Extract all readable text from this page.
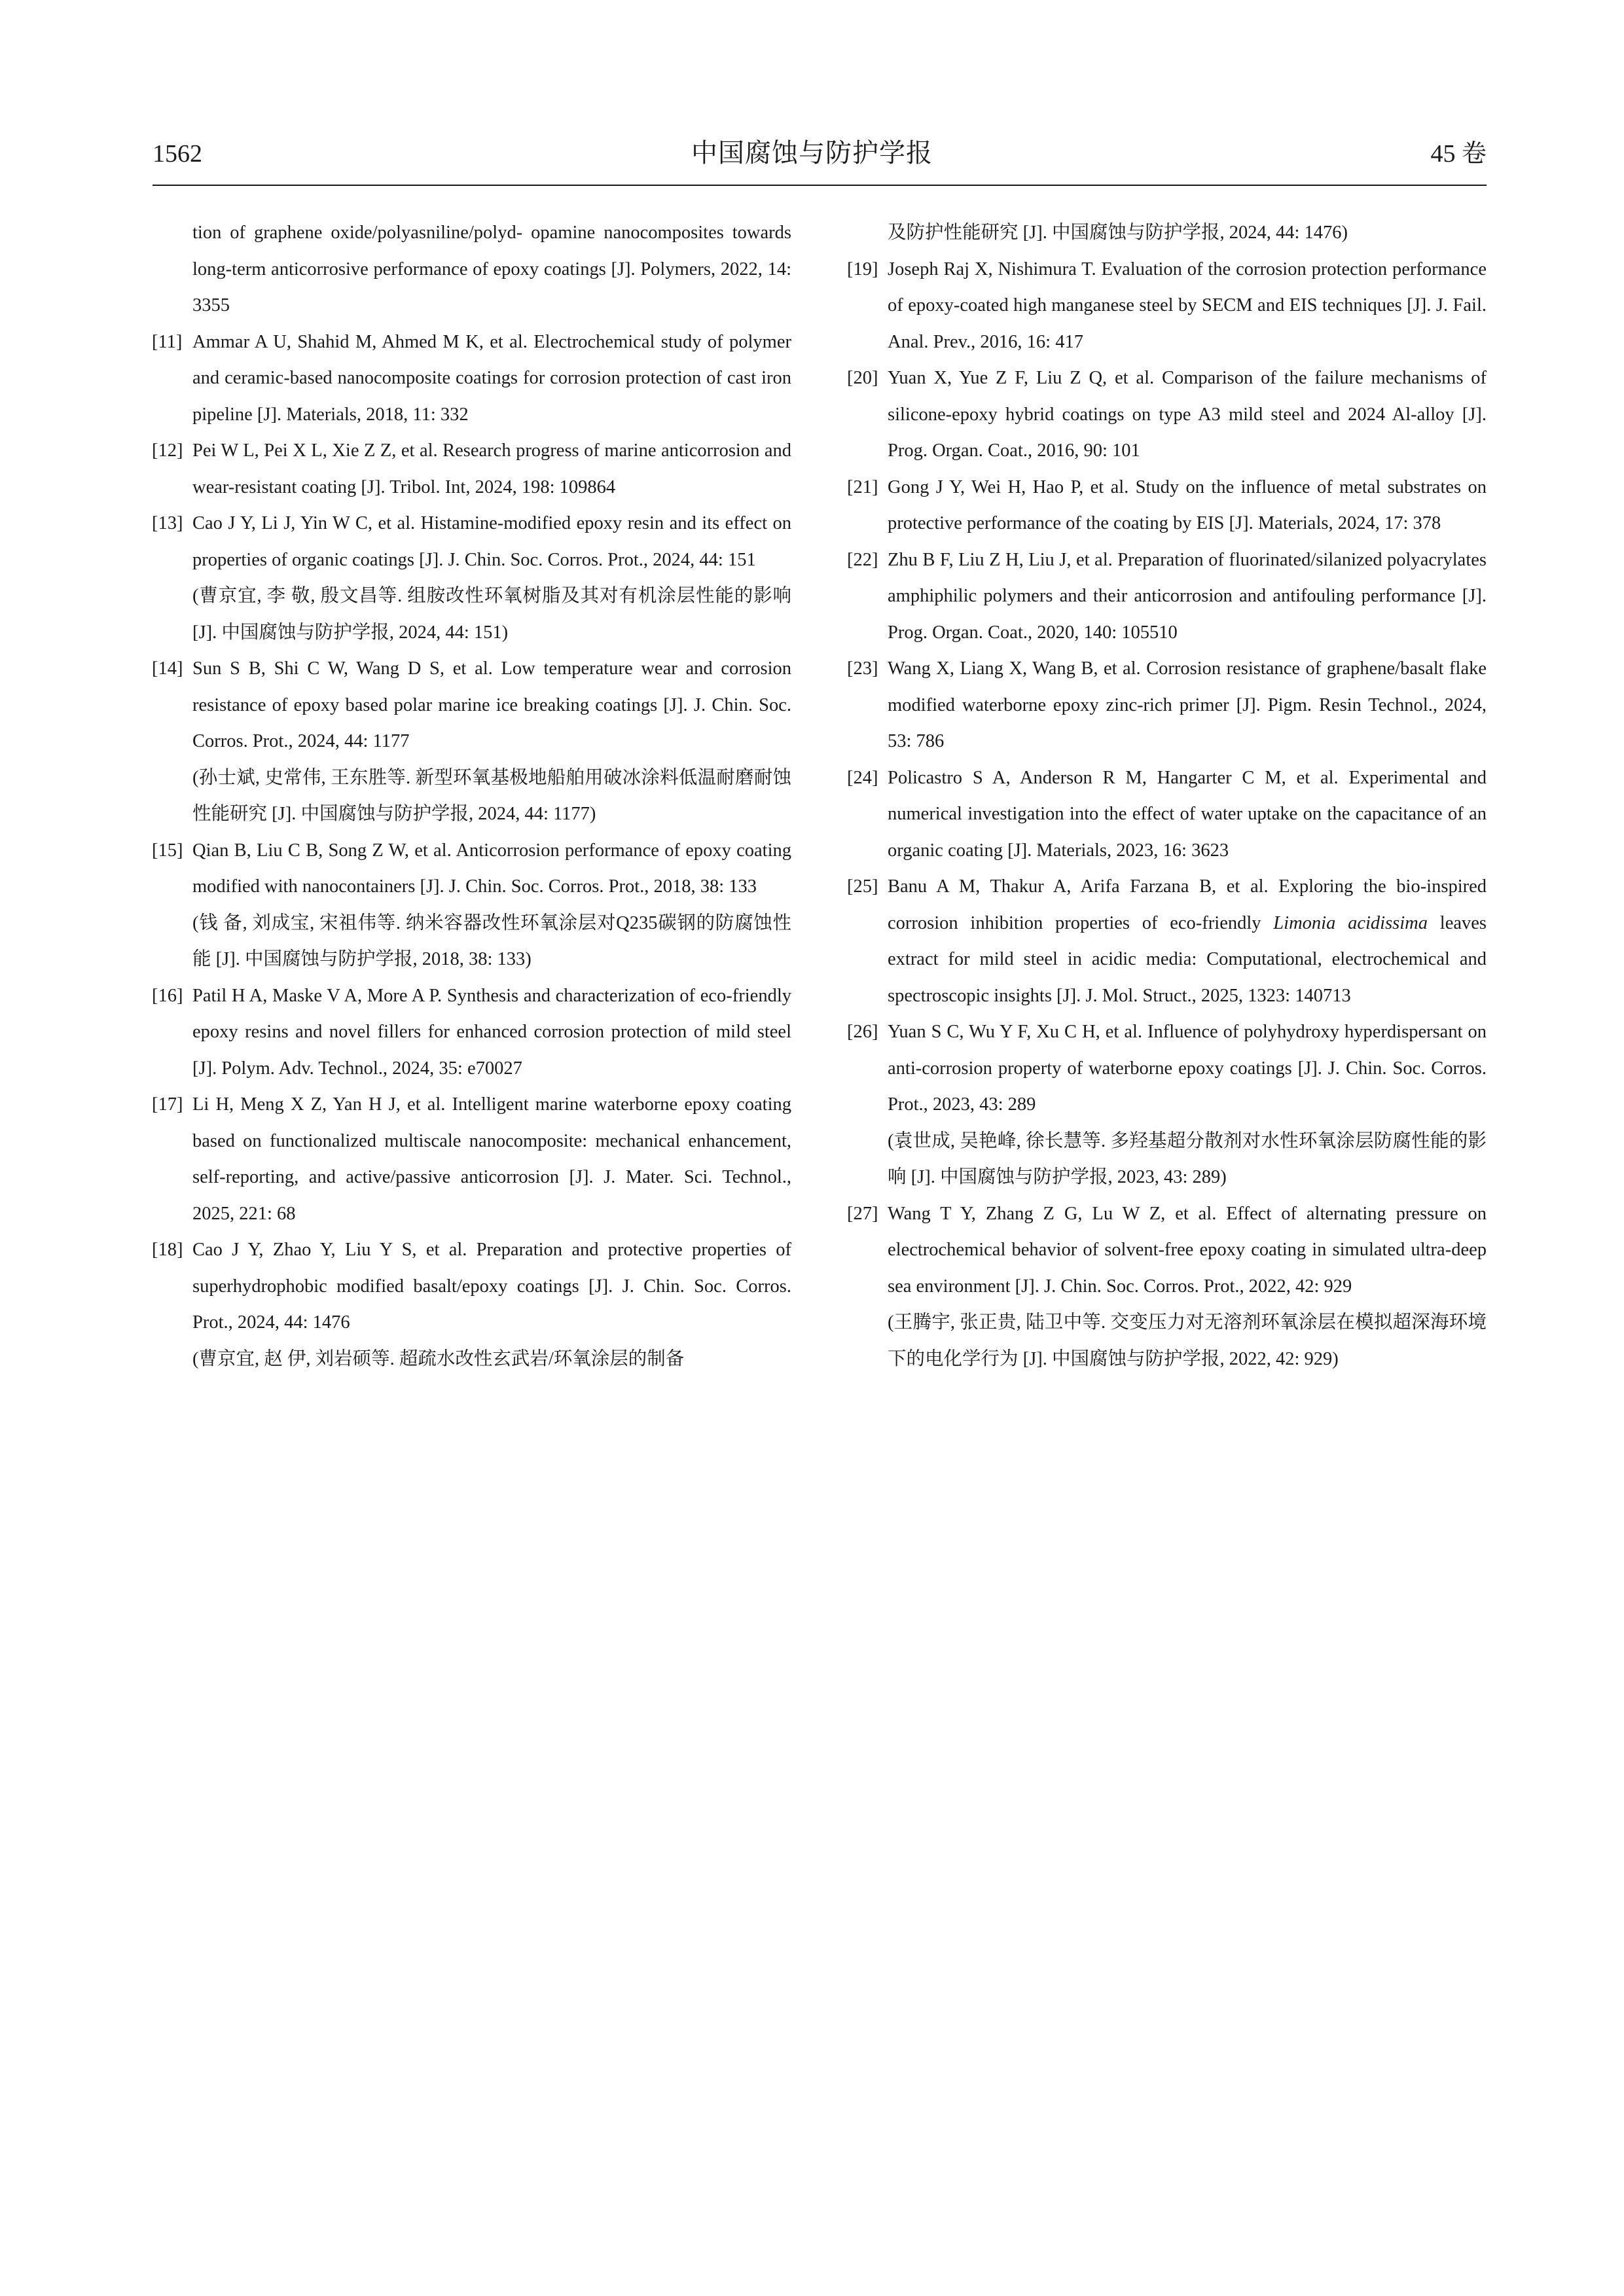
1562	中国腐蚀与防护学报	45 卷
tion of graphene oxide/polyasniline/polyd- opamine nanocomposites towards long-term anticorrosive performance of epoxy coatings [J]. Polymers, 2022, 14: 3355
[11] Ammar A U, Shahid M, Ahmed M K, et al. Electrochemical study of polymer and ceramic-based nanocomposite coatings for corrosion protection of cast iron pipeline [J]. Materials, 2018, 11: 332
[12] Pei W L, Pei X L, Xie Z Z, et al. Research progress of marine anticorrosion and wear-resistant coating [J]. Tribol. Int, 2024, 198: 109864
[13] Cao J Y, Li J, Yin W C, et al. Histamine-modified epoxy resin and its effect on properties of organic coatings [J]. J. Chin. Soc. Corros. Prot., 2024, 44: 151
(曹京宜, 李 敬, 殷文昌等. 组胺改性环氧树脂及其对有机涂层性能的影响 [J]. 中国腐蚀与防护学报, 2024, 44: 151)
[14] Sun S B, Shi C W, Wang D S, et al. Low temperature wear and corrosion resistance of epoxy based polar marine ice breaking coatings [J]. J. Chin. Soc. Corros. Prot., 2024, 44: 1177
(孙士斌, 史常伟, 王东胜等. 新型环氧基极地船舶用破冰涂料低温耐磨耐蚀性能研究 [J]. 中国腐蚀与防护学报, 2024, 44: 1177)
[15] Qian B, Liu C B, Song Z W, et al. Anticorrosion performance of epoxy coating modified with nanocontainers [J]. J. Chin. Soc. Corros. Prot., 2018, 38: 133
(钱 备, 刘成宝, 宋祖伟等. 纳米容器改性环氧涂层对Q235碳钢的防腐蚀性能 [J]. 中国腐蚀与防护学报, 2018, 38: 133)
[16] Patil H A, Maske V A, More A P. Synthesis and characterization of eco-friendly epoxy resins and novel fillers for enhanced corrosion protection of mild steel [J]. Polym. Adv. Technol., 2024, 35: e70027
[17] Li H, Meng X Z, Yan H J, et al. Intelligent marine waterborne epoxy coating based on functionalized multiscale nanocomposite: mechanical enhancement, self-reporting, and active/passive anticorrosion [J]. J. Mater. Sci. Technol., 2025, 221: 68
[18] Cao J Y, Zhao Y, Liu Y S, et al. Preparation and protective properties of superhydrophobic modified basalt/epoxy coatings [J]. J. Chin. Soc. Corros. Prot., 2024, 44: 1476
(曹京宜, 赵 伊, 刘岩硕等. 超疏水改性玄武岩/环氧涂层的制备
及防护性能研究 [J]. 中国腐蚀与防护学报, 2024, 44: 1476)
[19] Joseph Raj X, Nishimura T. Evaluation of the corrosion protection performance of epoxy-coated high manganese steel by SECM and EIS techniques [J]. J. Fail. Anal. Prev., 2016, 16: 417
[20] Yuan X, Yue Z F, Liu Z Q, et al. Comparison of the failure mechanisms of silicone-epoxy hybrid coatings on type A3 mild steel and 2024 Al-alloy [J]. Prog. Organ. Coat., 2016, 90: 101
[21] Gong J Y, Wei H, Hao P, et al. Study on the influence of metal substrates on protective performance of the coating by EIS [J]. Materials, 2024, 17: 378
[22] Zhu B F, Liu Z H, Liu J, et al. Preparation of fluorinated/silanized polyacrylates amphiphilic polymers and their anticorrosion and antifouling performance [J]. Prog. Organ. Coat., 2020, 140: 105510
[23] Wang X, Liang X, Wang B, et al. Corrosion resistance of graphene/basalt flake modified waterborne epoxy zinc-rich primer [J]. Pigm. Resin Technol., 2024, 53: 786
[24] Policastro S A, Anderson R M, Hangarter C M, et al. Experimental and numerical investigation into the effect of water uptake on the capacitance of an organic coating [J]. Materials, 2023, 16: 3623
[25] Banu A M, Thakur A, Arifa Farzana B, et al. Exploring the bio-inspired corrosion inhibition properties of eco-friendly Limonia acidissima leaves extract for mild steel in acidic media: Computational, electrochemical and spectroscopic insights [J]. J. Mol. Struct., 2025, 1323: 140713
[26] Yuan S C, Wu Y F, Xu C H, et al. Influence of polyhydroxy hyperdispersant on anti-corrosion property of waterborne epoxy coatings [J]. J. Chin. Soc. Corros. Prot., 2023, 43: 289
(袁世成, 吴艳峰, 徐长慧等. 多羟基超分散剂对水性环氧涂层防腐性能的影响 [J]. 中国腐蚀与防护学报, 2023, 43: 289)
[27] Wang T Y, Zhang Z G, Lu W Z, et al. Effect of alternating pressure on electrochemical behavior of solvent-free epoxy coating in simulated ultra-deep sea environment [J]. J. Chin. Soc. Corros. Prot., 2022, 42: 929
(王腾宇, 张正贵, 陆卫中等. 交变压力对无溶剂环氧涂层在模拟超深海环境下的电化学行为 [J]. 中国腐蚀与防护学报, 2022, 42: 929)
